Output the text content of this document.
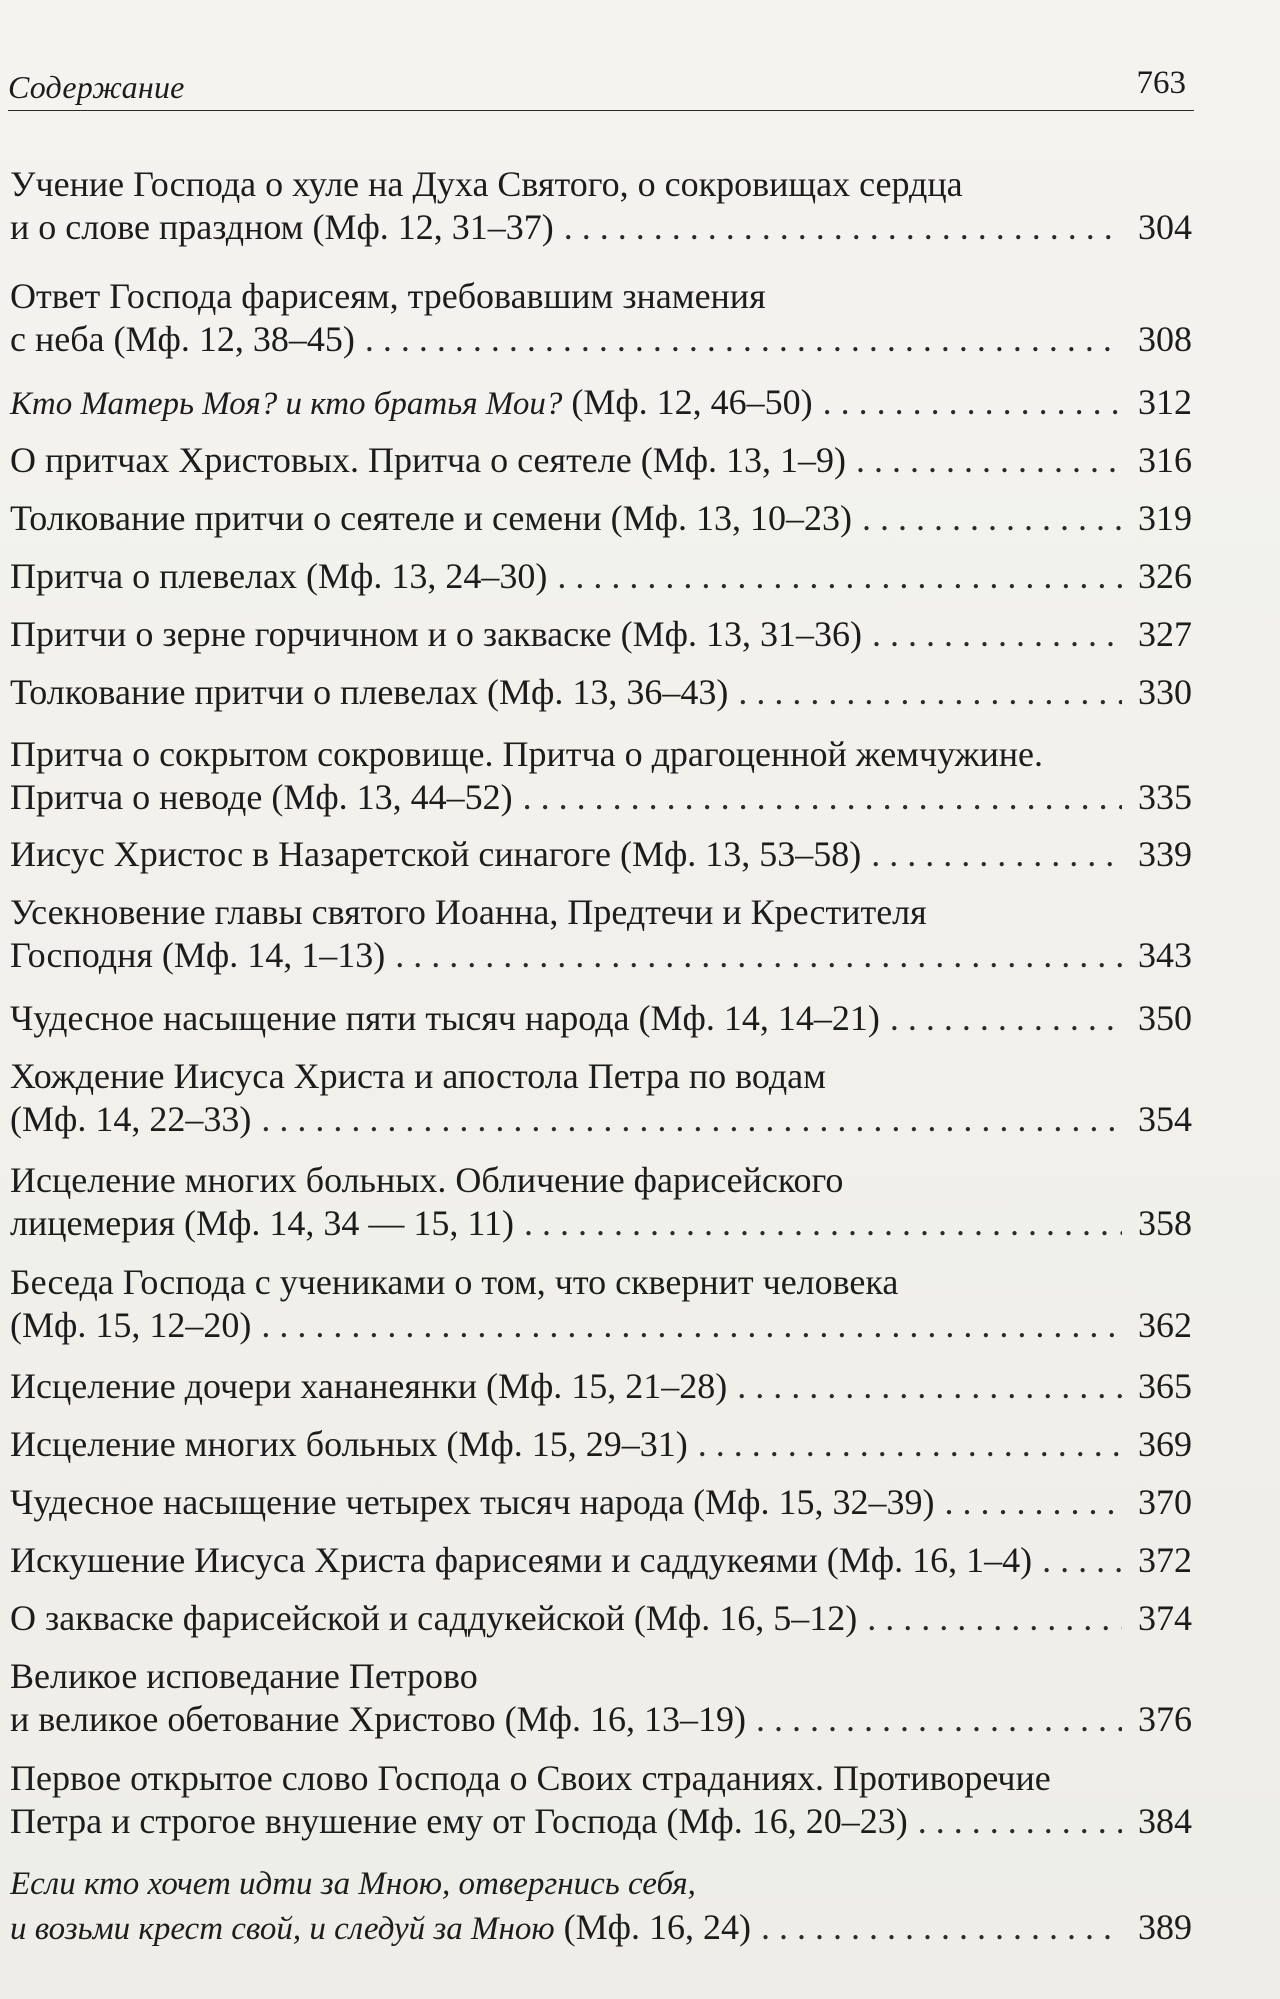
Содержание	763
Учение Господа о хуле на Духа Святого, о сокровищах сердца
и о слове праздном (Мф. 12, 31–37) . . .	304
Ответ Господа фарисеям, требовавшим знамения
с неба (Мф. 12, 38–45) . . .	308
Кто Матерь Моя? и кто братья Мои? (Мф. 12, 46–50) . . .	312
О притчах Христовых. Притча о сеятеле (Мф. 13, 1–9) . . .	316
Толкование притчи о сеятеле и семени (Мф. 13, 10–23) . . .	319
Притча о плевелах (Мф. 13, 24–30) . . .	326
Притчи о зерне горчичном и о закваске (Мф. 13, 31–36) . . .	327
Толкование притчи о плевелах (Мф. 13, 36–43) . . .	330
Притча о сокрытом сокровище. Притча о драгоценной жемчужине.
Притча о неводе (Мф. 13, 44–52) . . .	335
Иисус Христос в Назаретской синагоге (Мф. 13, 53–58) . . .	339
Усекновение главы святого Иоанна, Предтечи и Крестителя
Господня (Мф. 14, 1–13) . . .	343
Чудесное насыщение пяти тысяч народа (Мф. 14, 14–21) . . .	350
Хождение Иисуса Христа и апостола Петра по водам
(Мф. 14, 22–33) . . .	354
Исцеление многих больных. Обличение фарисейского
лицемерия (Мф. 14, 34 — 15, 11) . . .	358
Беседа Господа с учениками о том, что сквернит человека
(Мф. 15, 12–20) . . .	362
Исцеление дочери хананеянки (Мф. 15, 21–28) . . .	365
Исцеление многих больных (Мф. 15, 29–31) . . .	369
Чудесное насыщение четырех тысяч народа (Мф. 15, 32–39) . . .	370
Искушение Иисуса Христа фарисеями и саддукеями (Мф. 16, 1–4) . . .	372
О закваске фарисейской и саддукейской (Мф. 16, 5–12) . . .	374
Великое исповедание Петрово
и великое обетование Христово (Мф. 16, 13–19) . . .	376
Первое открытое слово Господа о Своих страданиях. Противоречие
Петра и строгое внушение ему от Господа (Мф. 16, 20–23) . . .	384
Если кто хочет идти за Мною, отвергнись себя,
и возьми крест свой, и следуй за Мною (Мф. 16, 24) . . .	389
